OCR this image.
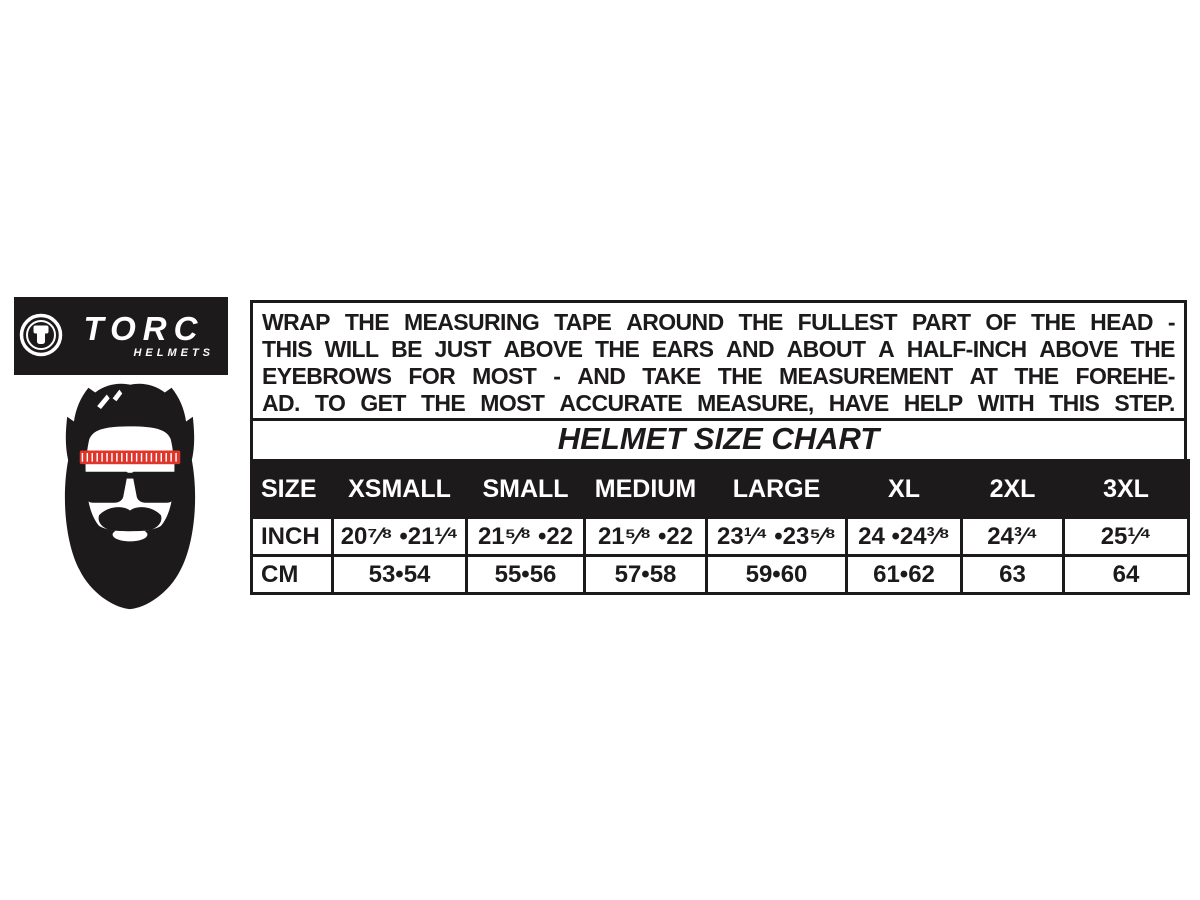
TORC
HELMETS
WRAP THE MEASURING TAPE AROUND THE FULLEST PART OF THE HEAD -
THIS WILL BE JUST ABOVE THE EARS AND ABOUT A HALF-INCH ABOVE THE
EYEBROWS FOR MOST - AND TAKE THE MEASUREMENT AT THE FOREHE-
AD. TO GET THE MOST ACCURATE MEASURE, HAVE HELP WITH THIS STEP.
HELMET SIZE CHART
SIZE	XSMALL	SMALL	MEDIUM	LARGE	XL	2XL	3XL
INCH	20⁷⁄⁸ •21¹⁄⁴	21⁵⁄⁸ •22	21⁵⁄⁸ •22	23¹⁄⁴ •23⁵⁄⁸	24 •24³⁄⁸	24³⁄⁴	25¹⁄⁴
CM	53•54	55•56	57•58	59•60	61•62	63	64
